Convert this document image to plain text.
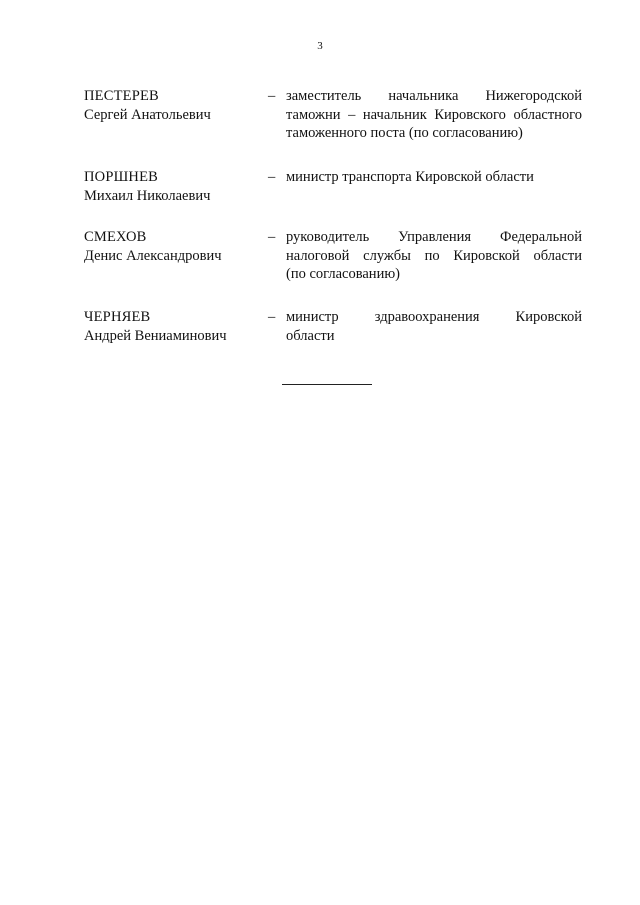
3
ПЕСТЕРЕВ
Сергей Анатольевич
– заместитель начальника Нижегородской
таможни – начальник Кировского областного
таможенного поста (по согласованию)
ПОРШНЕВ
Михаил Николаевич
– министр транспорта Кировской области
СМЕХОВ
Денис Александрович
– руководитель Управления Федеральной
налоговой службы по Кировской области
(по согласованию)
ЧЕРНЯЕВ
Андрей Вениаминович
– министр здравоохранения Кировской
области
